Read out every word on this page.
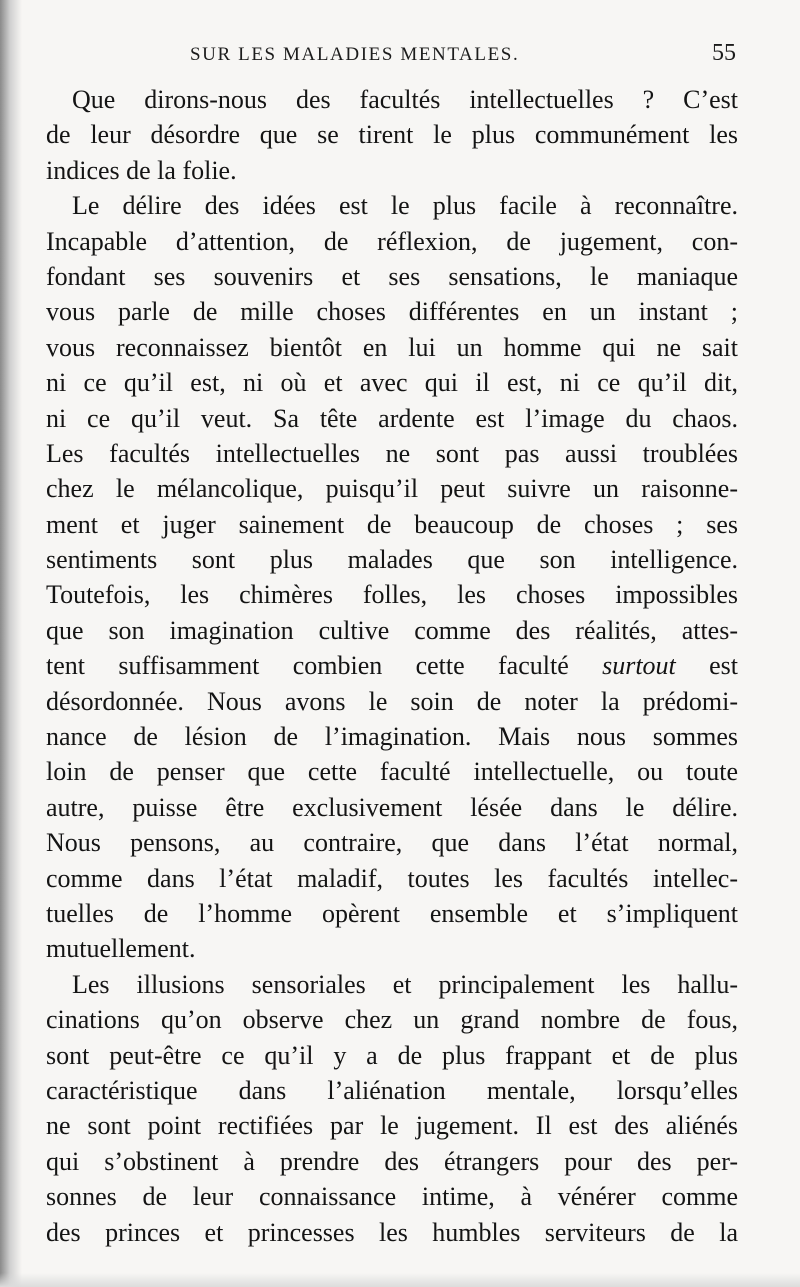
SUR LES MALADIES MENTALES.	55
Que dirons-nous des facultés intellectuelles ? C’est
de leur désordre que se tirent le plus communément les
indices de la folie.
Le délire des idées est le plus facile à reconnaître.
Incapable d’attention, de réflexion, de jugement, con-
fondant ses souvenirs et ses sensations, le maniaque
vous parle de mille choses différentes en un instant ;
vous reconnaissez bientôt en lui un homme qui ne sait
ni ce qu’il est, ni où et avec qui il est, ni ce qu’il dit,
ni ce qu’il veut. Sa tête ardente est l’image du chaos.
Les facultés intellectuelles ne sont pas aussi troublées
chez le mélancolique, puisqu’il peut suivre un raisonne-
ment et juger sainement de beaucoup de choses ; ses
sentiments sont plus malades que son intelligence.
Toutefois, les chimères folles, les choses impossibles
que son imagination cultive comme des réalités, attes-
tent suffisamment combien cette faculté surtout est
désordonnée. Nous avons le soin de noter la prédomi-
nance de lésion de l’imagination. Mais nous sommes
loin de penser que cette faculté intellectuelle, ou toute
autre, puisse être exclusivement lésée dans le délire.
Nous pensons, au contraire, que dans l’état normal,
comme dans l’état maladif, toutes les facultés intellec-
tuelles de l’homme opèrent ensemble et s’impliquent
mutuellement.
Les illusions sensoriales et principalement les hallu-
cinations qu’on observe chez un grand nombre de fous,
sont peut-être ce qu’il y a de plus frappant et de plus
caractéristique dans l’aliénation mentale, lorsqu’elles
ne sont point rectifiées par le jugement. Il est des aliénés
qui s’obstinent à prendre des étrangers pour des per-
sonnes de leur connaissance intime, à vénérer comme
des princes et princesses les humbles serviteurs de la
